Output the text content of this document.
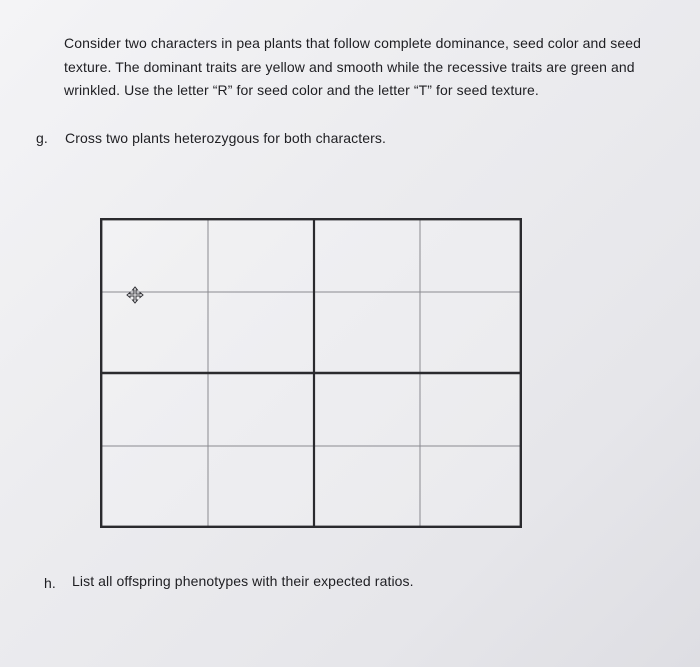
Consider two characters in pea plants that follow complete dominance, seed color and seed
texture. The dominant traits are yellow and smooth while the recessive traits are green and
wrinkled. Use the letter “R” for seed color and the letter “T” for seed texture.
g. Cross two plants heterozygous for both characters.
h. List all offspring phenotypes with their expected ratios.
